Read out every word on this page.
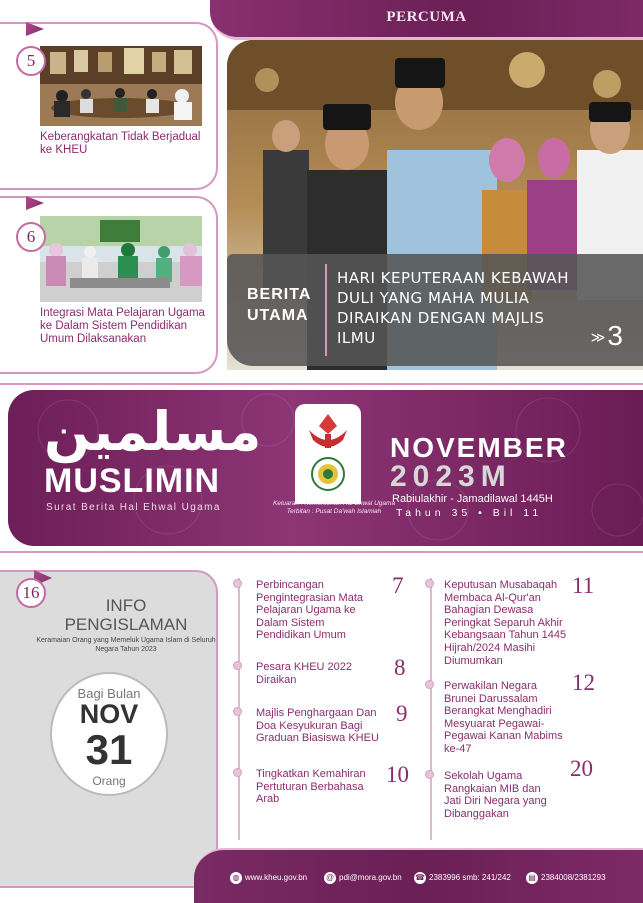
PERCUMA
5
Keberangkatan Tidak Berjadual ke KHEU
6
Integrasi Mata Pelajaran Ugama ke Dalam Sistem Pendidikan Umum Dilaksanakan
BERITA UTAMA
HARI KEPUTERAAN KEBAWAH DULI YANG MAHA MULIA DIRAIKAN DENGAN MAJLIS ILMU	≫3
مسلمين
MUSLIMIN
Surat Berita Hal Ehwal Ugama	Keluaran : Kementerian Hal Ehwal Ugama
Terbitan : Pusat Da'wah Islamiah
NOVEMBER
2023M
Rabiulakhir - Jamadilawal 1445H
Tahun 35 • Bil 11
16
INFO
PENGISLAMAN
Keramaian Orang yang Memeluk Ugama Islam di Seluruh Negara Tahun 2023
Bagi Bulan
NOV
31
Orang
Perbincangan Pengintegrasian Mata Pelajaran Ugama ke Dalam Sistem Pendidikan Umum
7
Pesara KHEU 2022 Diraikan	8
Majlis Penghargaan Dan Doa Kesyukuran Bagi Graduan Biasiswa KHEU
9
Tingkatkan Kemahiran Pertuturan Berbahasa Arab
10
Keputusan Musabaqah Membaca Al-Qur'an Bahagian Dewasa Peringkat Separuh Akhir Kebangsaan Tahun 1445 Hijrah/2024 Masihi Diumumkan
11
Perwakilan Negara Brunei Darussalam Berangkat Menghadiri Mesyuarat Pegawai-Pegawai Kanan Mabims ke-47
12
Sekolah Ugama Rangkaian MIB dan Jati Diri Negara yang Dibanggakan
20
◍ www.kheu.gov.bn @ pdi@mora.gov.bn ☎ 2383996 smb: 241/242 ▤ 2384008/2381293
